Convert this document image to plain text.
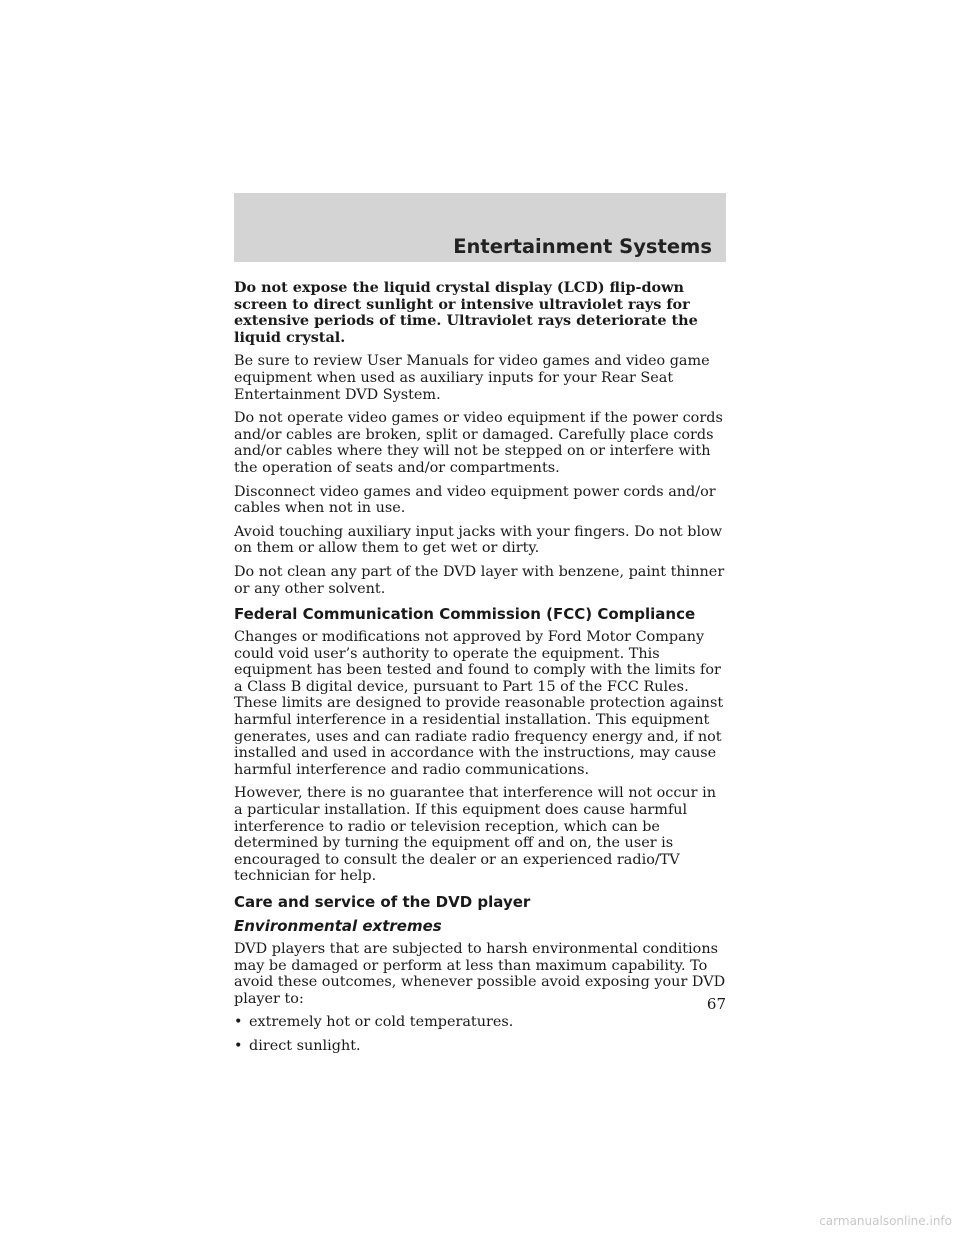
Entertainment Systems

Do not expose the liquid crystal display (LCD) flip-down screen to direct sunlight or intensive ultraviolet rays for extensive periods of time. Ultraviolet rays deteriorate the liquid crystal.

Be sure to review User Manuals for video games and video game equipment when used as auxiliary inputs for your Rear Seat Entertainment DVD System.

Do not operate video games or video equipment if the power cords and/or cables are broken, split or damaged. Carefully place cords and/or cables where they will not be stepped on or interfere with the operation of seats and/or compartments.

Disconnect video games and video equipment power cords and/or cables when not in use.

Avoid touching auxiliary input jacks with your fingers. Do not blow on them or allow them to get wet or dirty.

Do not clean any part of the DVD layer with benzene, paint thinner or any other solvent.

Federal Communication Commission (FCC) Compliance

Changes or modifications not approved by Ford Motor Company could void user’s authority to operate the equipment. This equipment has been tested and found to comply with the limits for a Class B digital device, pursuant to Part 15 of the FCC Rules. These limits are designed to provide reasonable protection against harmful interference in a residential installation. This equipment generates, uses and can radiate radio frequency energy and, if not installed and used in accordance with the instructions, may cause harmful interference and radio communications.

However, there is no guarantee that interference will not occur in a particular installation. If this equipment does cause harmful interference to radio or television reception, which can be determined by turning the equipment off and on, the user is encouraged to consult the dealer or an experienced radio/TV technician for help.

Care and service of the DVD player
Environmental extremes

DVD players that are subjected to harsh environmental conditions may be damaged or perform at less than maximum capability. To avoid these outcomes, whenever possible avoid exposing your DVD player to:

• extremely hot or cold temperatures.
• direct sunlight.
67
carmanualsonline.info
